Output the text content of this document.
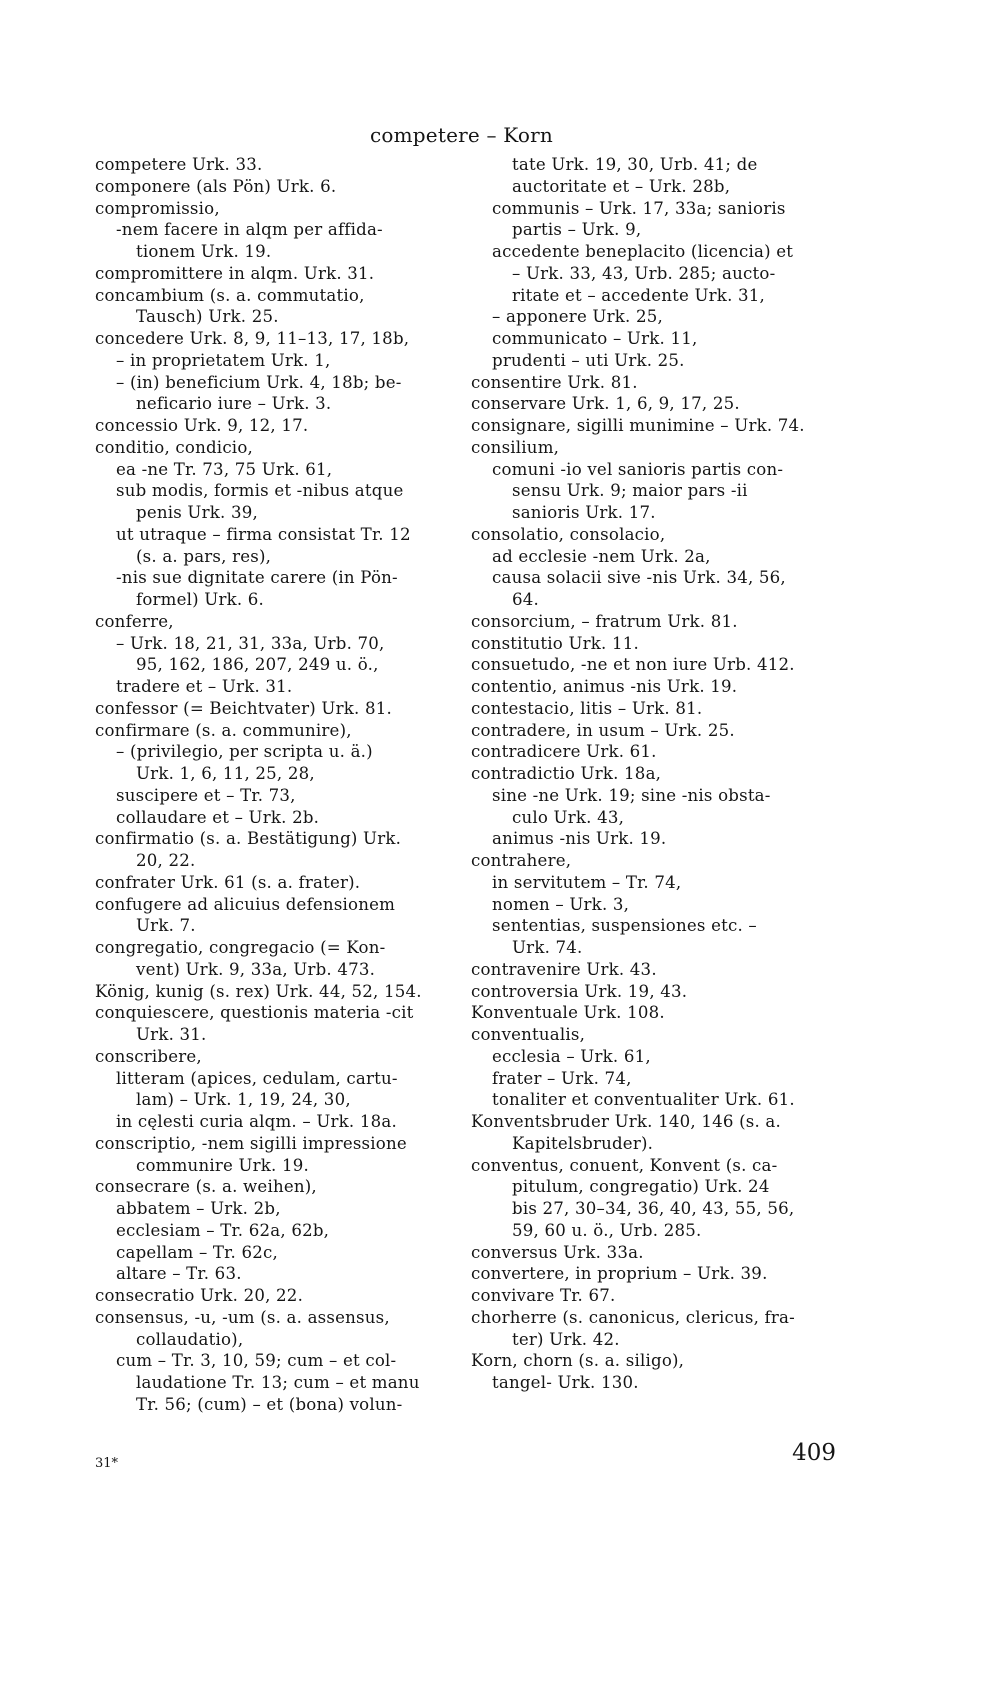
competere – Korn
competere Urk. 33.
componere (als Pön) Urk. 6.
compromissio,
-nem facere in alqm per affida-
tionem Urk. 19.
compromittere in alqm. Urk. 31.
concambium (s. a. commutatio,
Tausch) Urk. 25.
concedere Urk. 8, 9, 11–13, 17, 18b,
– in proprietatem Urk. 1,
– (in) beneficium Urk. 4, 18b; be-
neficario iure – Urk. 3.
concessio Urk. 9, 12, 17.
conditio, condicio,
ea -ne Tr. 73, 75 Urk. 61,
sub modis, formis et -nibus atque
penis Urk. 39,
ut utraque – firma consistat Tr. 12
(s. a. pars, res),
-nis sue dignitate carere (in Pön-
formel) Urk. 6.
conferre,
– Urk. 18, 21, 31, 33a, Urb. 70,
95, 162, 186, 207, 249 u. ö.,
tradere et – Urk. 31.
confessor (= Beichtvater) Urk. 81.
confirmare (s. a. communire),
– (privilegio, per scripta u. ä.)
Urk. 1, 6, 11, 25, 28,
suscipere et – Tr. 73,
collaudare et – Urk. 2b.
confirmatio (s. a. Bestätigung) Urk.
20, 22.
confrater Urk. 61 (s. a. frater).
confugere ad alicuius defensionem
Urk. 7.
congregatio, congregacio (= Kon-
vent) Urk. 9, 33a, Urb. 473.
König, kunig (s. rex) Urk. 44, 52, 154.
conquiescere, questionis materia -cit
Urk. 31.
conscribere,
litteram (apices, cedulam, cartu-
lam) – Urk. 1, 19, 24, 30,
in cęlesti curia alqm. – Urk. 18a.
conscriptio, -nem sigilli impressione
communire Urk. 19.
consecrare (s. a. weihen),
abbatem – Urk. 2b,
ecclesiam – Tr. 62a, 62b,
capellam – Tr. 62c,
altare – Tr. 63.
consecratio Urk. 20, 22.
consensus, -u, -um (s. a. assensus,
collaudatio),
cum – Tr. 3, 10, 59; cum – et col-
laudatione Tr. 13; cum – et manu
Tr. 56; (cum) – et (bona) volun-
tate Urk. 19, 30, Urb. 41; de
auctoritate et – Urk. 28b,
communis – Urk. 17, 33a; sanioris
partis – Urk. 9,
accedente beneplacito (licencia) et
– Urk. 33, 43, Urb. 285; aucto-
ritate et – accedente Urk. 31,
– apponere Urk. 25,
communicato – Urk. 11,
prudenti – uti Urk. 25.
consentire Urk. 81.
conservare Urk. 1, 6, 9, 17, 25.
consignare, sigilli munimine – Urk. 74.
consilium,
comuni -io vel sanioris partis con-
sensu Urk. 9; maior pars -ii
sanioris Urk. 17.
consolatio, consolacio,
ad ecclesie -nem Urk. 2a,
causa solacii sive -nis Urk. 34, 56,
64.
consorcium, – fratrum Urk. 81.
constitutio Urk. 11.
consuetudo, -ne et non iure Urb. 412.
contentio, animus -nis Urk. 19.
contestacio, litis – Urk. 81.
contradere, in usum – Urk. 25.
contradicere Urk. 61.
contradictio Urk. 18a,
sine -ne Urk. 19; sine -nis obsta-
culo Urk. 43,
animus -nis Urk. 19.
contrahere,
in servitutem – Tr. 74,
nomen – Urk. 3,
sententias, suspensiones etc. –
Urk. 74.
contravenire Urk. 43.
controversia Urk. 19, 43.
Konventuale Urk. 108.
conventualis,
ecclesia – Urk. 61,
frater – Urk. 74,
tonaliter et conventualiter Urk. 61.
Konventsbruder Urk. 140, 146 (s. a.
Kapitelsbruder).
conventus, conuent, Konvent (s. ca-
pitulum, congregatio) Urk. 24
bis 27, 30–34, 36, 40, 43, 55, 56,
59, 60 u. ö., Urb. 285.
conversus Urk. 33a.
convertere, in proprium – Urk. 39.
convivare Tr. 67.
chorherre (s. canonicus, clericus, fra-
ter) Urk. 42.
Korn, chorn (s. a. siligo),
tangel- Urk. 130.
31*	409
